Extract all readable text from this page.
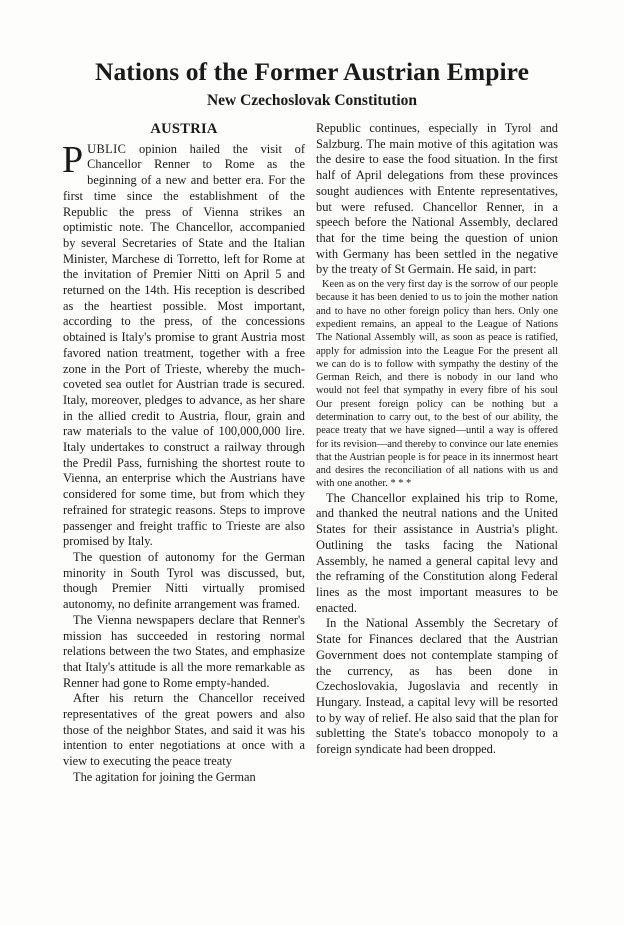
Nations of the Former Austrian Empire
New Czechoslovak Constitution
AUSTRIA

PUBLIC opinion hailed the visit of Chancellor Renner to Rome as the beginning of a new and better era. For the first time since the establishment of the Republic the press of Vienna strikes an optimistic note. The Chancellor, accompanied by several Secretaries of State and the Italian Minister, Marchese di Torretto, left for Rome at the invitation of Premier Nitti on April 5 and returned on the 14th. His reception is described as the heartiest possible. Most important, according to the press, of the concessions obtained is Italy's promise to grant Austria most favored nation treatment, together with a free zone in the Port of Trieste, whereby the much-coveted sea outlet for Austrian trade is secured. Italy, moreover, pledges to advance, as her share in the allied credit to Austria, flour, grain and raw materials to the value of 100,000,000 lire. Italy undertakes to construct a railway through the Predil Pass, furnishing the shortest route to Vienna, an enterprise which the Austrians have considered for some time, but from which they refrained for strategic reasons. Steps to improve passenger and freight traffic to Trieste are also promised by Italy.

The question of autonomy for the German minority in South Tyrol was discussed, but, though Premier Nitti virtually promised autonomy, no definite arrangement was framed.

The Vienna newspapers declare that Renner's mission has succeeded in restoring normal relations between the two States, and emphasize that Italy's attitude is all the more remarkable as Renner had gone to Rome empty-handed.

After his return the Chancellor received representatives of the great powers and also those of the neighbor States, and said it was his intention to enter negotiations at once with a view to executing the peace treaty

The agitation for joining the German

Republic continues, especially in Tyrol and Salzburg. The main motive of this agitation was the desire to ease the food situation. In the first half of April delegations from these provinces sought audiences with Entente representatives, but were refused. Chancellor Renner, in a speech before the National Assembly, declared that for the time being the question of union with Germany has been settled in the negative by the treaty of St Germain. He said, in part:

Keen as on the very first day is the sorrow of our people because it has been denied to us to join the mother nation and to have no other foreign policy than hers. Only one expedient remains, an appeal to the League of Nations The National Assembly will, as soon as peace is ratified, apply for admission into the League For the present all we can do is to follow with sympathy the destiny of the German Reich, and there is nobody in our land who would not feel that sympathy in every fibre of his soul Our present foreign policy can be nothing but a determination to carry out, to the best of our ability, the peace treaty that we have signed—until a way is offered for its revision—and thereby to convince our late enemies that the Austrian people is for peace in its innermost heart and desires the reconciliation of all nations with us and with one another. * * *

The Chancellor explained his trip to Rome, and thanked the neutral nations and the United States for their assistance in Austria's plight. Outlining the tasks facing the National Assembly, he named a general capital levy and the reframing of the Constitution along Federal lines as the most important measures to be enacted.

In the National Assembly the Secretary of State for Finances declared that the Austrian Government does not contemplate stamping of the currency, as has been done in Czechoslovakia, Jugoslavia and recently in Hungary. Instead, a capital levy will be resorted to by way of relief. He also said that the plan for subletting the State's tobacco monopoly to a foreign syndicate had been dropped.
